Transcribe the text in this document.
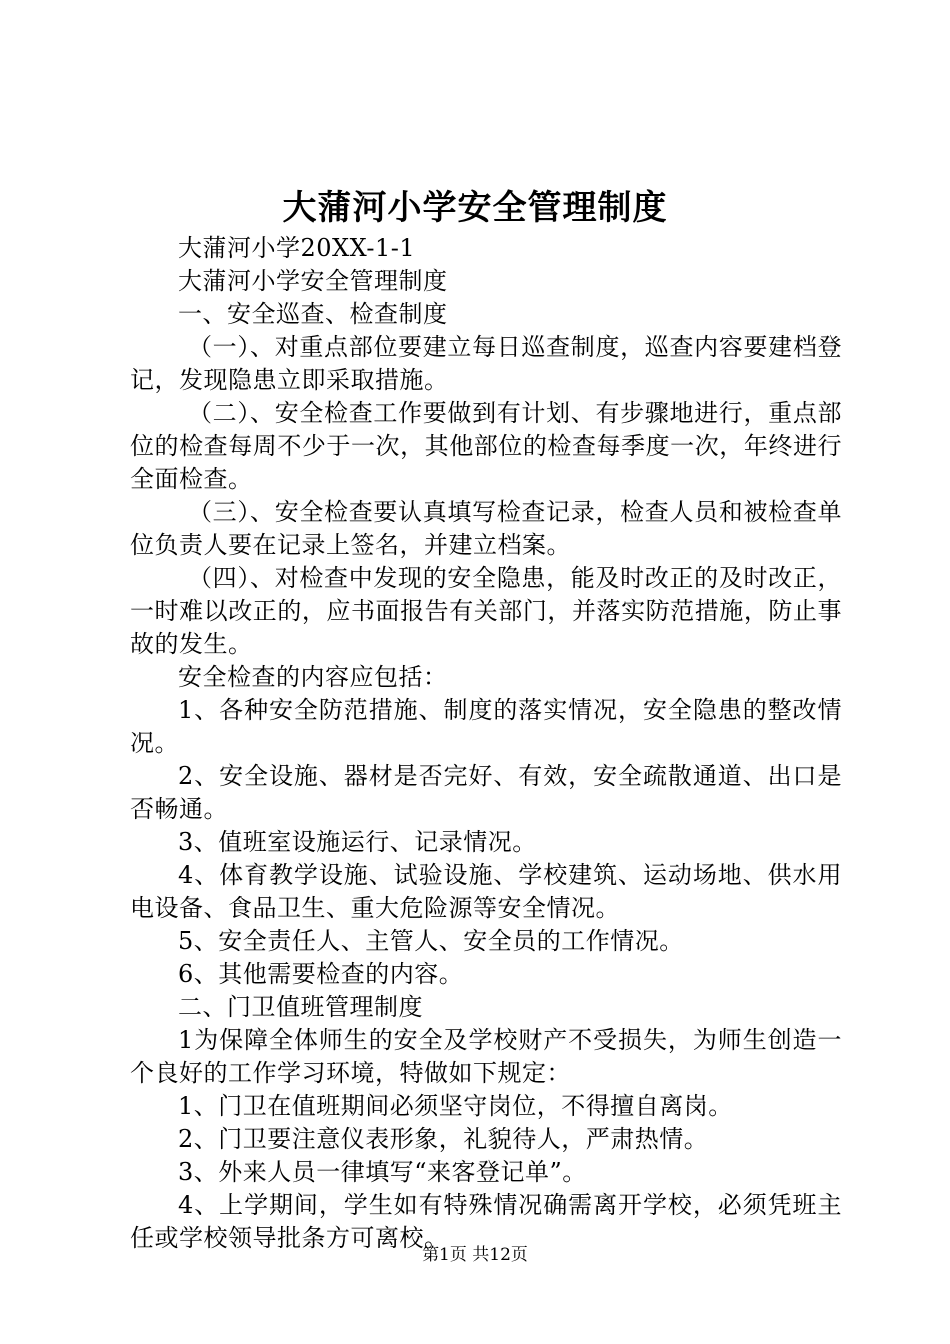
大蒲河小学安全管理制度

大蒲河小学20XX-1-1

大蒲河小学安全管理制度

一、安全巡查、检查制度

（一）、对重点部位要建立每日巡查制度，巡查内容要建档登记，发现隐患立即采取措施。

（二）、安全检查工作要做到有计划、有步骤地进行，重点部位的检查每周不少于一次，其他部位的检查每季度一次，年终进行全面检查。

（三）、安全检查要认真填写检查记录，检查人员和被检查单位负责人要在记录上签名，并建立档案。

（四）、对检查中发现的安全隐患，能及时改正的及时改正，一时难以改正的，应书面报告有关部门，并落实防范措施，防止事故的发生。

安全检查的内容应包括：

1、各种安全防范措施、制度的落实情况，安全隐患的整改情况。

2、安全设施、器材是否完好、有效，安全疏散通道、出口是否畅通。

3、值班室设施运行、记录情况。

4、体育教学设施、试验设施、学校建筑、运动场地、供水用电设备、食品卫生、重大危险源等安全情况。

5、安全责任人、主管人、安全员的工作情况。

6、其他需要检查的内容。

二、门卫值班管理制度

1为保障全体师生的安全及学校财产不受损失，为师生创造一个良好的工作学习环境，特做如下规定：

1、门卫在值班期间必须坚守岗位，不得擅自离岗。

2、门卫要注意仪表形象，礼貌待人，严肃热情。

3、外来人员一律填写“来客登记单”。

4、上学期间，学生如有特殊情况确需离开学校，必须凭班主任或学校领导批条方可离校。

第1页 共12页
